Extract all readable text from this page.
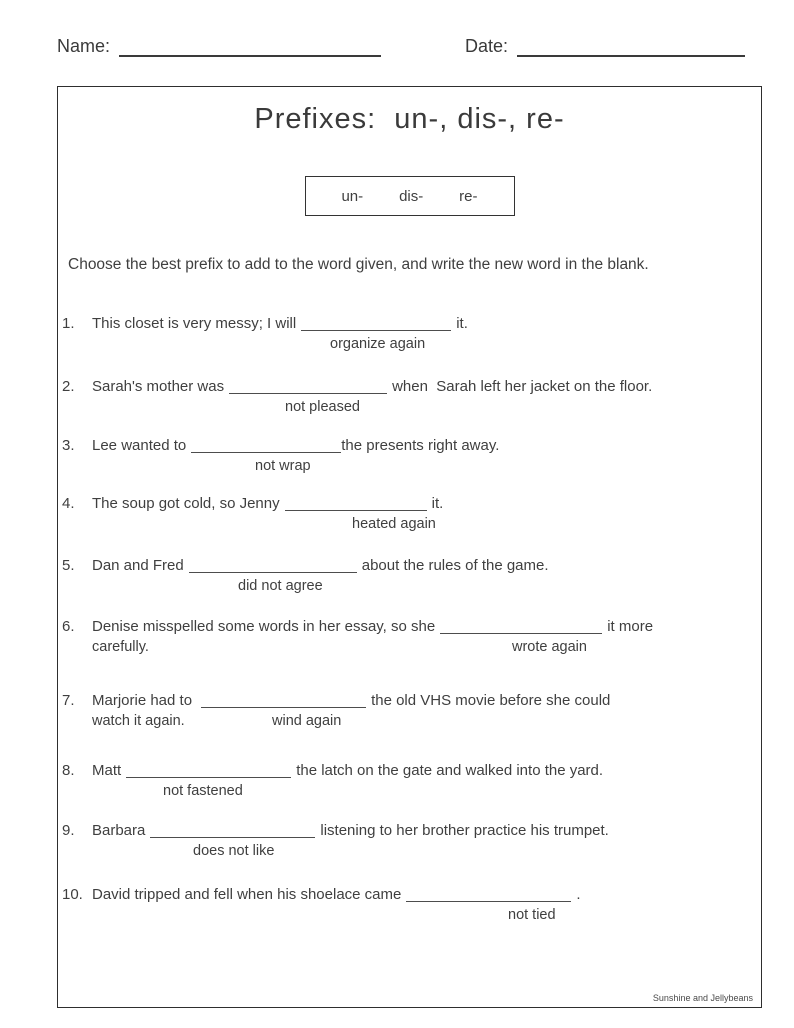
Name:	Date:
Prefixes:  un-, dis-, re-
un- dis- re-
Choose the best prefix to add to the word given, and write the new word in the blank.
1.	This closet is very messy; I will	it.
organize again
2.	Sarah's mother was	when  Sarah left her jacket on the floor.
not pleased
3.	Lee wanted to	the presents right away.
not wrap
4.	The soup got cold, so Jenny	it.
heated again
5.	Dan and Fred	about the rules of the game.
did not agree
6.	Denise misspelled some words in her essay, so she	it more
carefully.	wrote again
7.	Marjorie had to	the old VHS movie before she could
watch it again.	wind again
8.	Matt	the latch on the gate and walked into the yard.
not fastened
9.	Barbara	listening to her brother practice his trumpet.
does not like
10. David tripped and fell when his shoelace came	.
not tied
Sunshine and Jellybeans
